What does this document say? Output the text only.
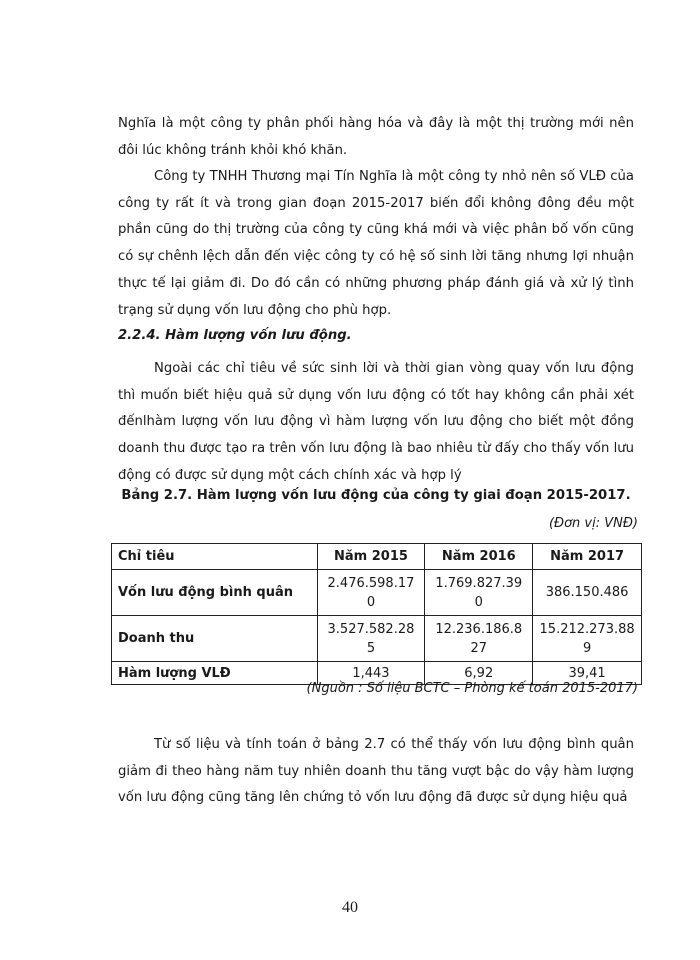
Nghĩa là một công ty phân phối hàng hóa và đây là một thị trường mới nên đôi lúc không tránh khỏi khó khăn.

Công ty TNHH Thương mại Tín Nghĩa là một công ty nhỏ nên số VLĐ của công ty rất ít và trong gian đoạn 2015-2017 biến đổi không đông đều một phần cũng do thị trường của công ty cũng khá mới và việc phân bố vốn cũng có sự chênh lệch dẫn đến việc công ty có hệ số sinh lời tăng nhưng lợi nhuận thực tế lại giảm đi. Do đó cần có những phương pháp đánh giá và xử lý tình trạng sử dụng vốn lưu động cho phù hợp.

2.2.4. Hàm lượng vốn lưu động.

Ngoài các chỉ tiêu về sức sinh lời và thời gian vòng quay vốn lưu động thì muốn biết hiệu quả sử dụng vốn lưu động có tốt hay không cần phải xét đếnlhàm lượng vốn lưu động vì hàm lượng vốn lưu động cho biết một đồng doanh thu được tạo ra trên vốn lưu động là bao nhiêu từ đấy cho thấy vốn lưu động có được sử dụng một cách chính xác và hợp lý

Bảng 2.7. Hàm lượng vốn lưu động của công ty giai đoạn 2015-2017.

(Đơn vị: VNĐ)

Chỉ tiêu	Năm 2015	Năm 2016	Năm 2017
Vốn lưu động bình quân	2.476.598.170	1.769.827.390	386.150.486
Doanh thu	3.527.582.285	12.236.186.827	15.212.273.889
Hàm lượng VLĐ	1,443	6,92	39,41

(Nguồn : Số liệu BCTC – Phòng kế toán 2015-2017)

Từ số liệu và tính toán ở bảng 2.7 có thể thấy vốn lưu động bình quân giảm đi theo hàng năm tuy nhiên doanh thu tăng vượt bậc do vậy hàm lượng vốn lưu động cũng tăng lên chứng tỏ vốn lưu động đã được sử dụng hiệu quả

40
